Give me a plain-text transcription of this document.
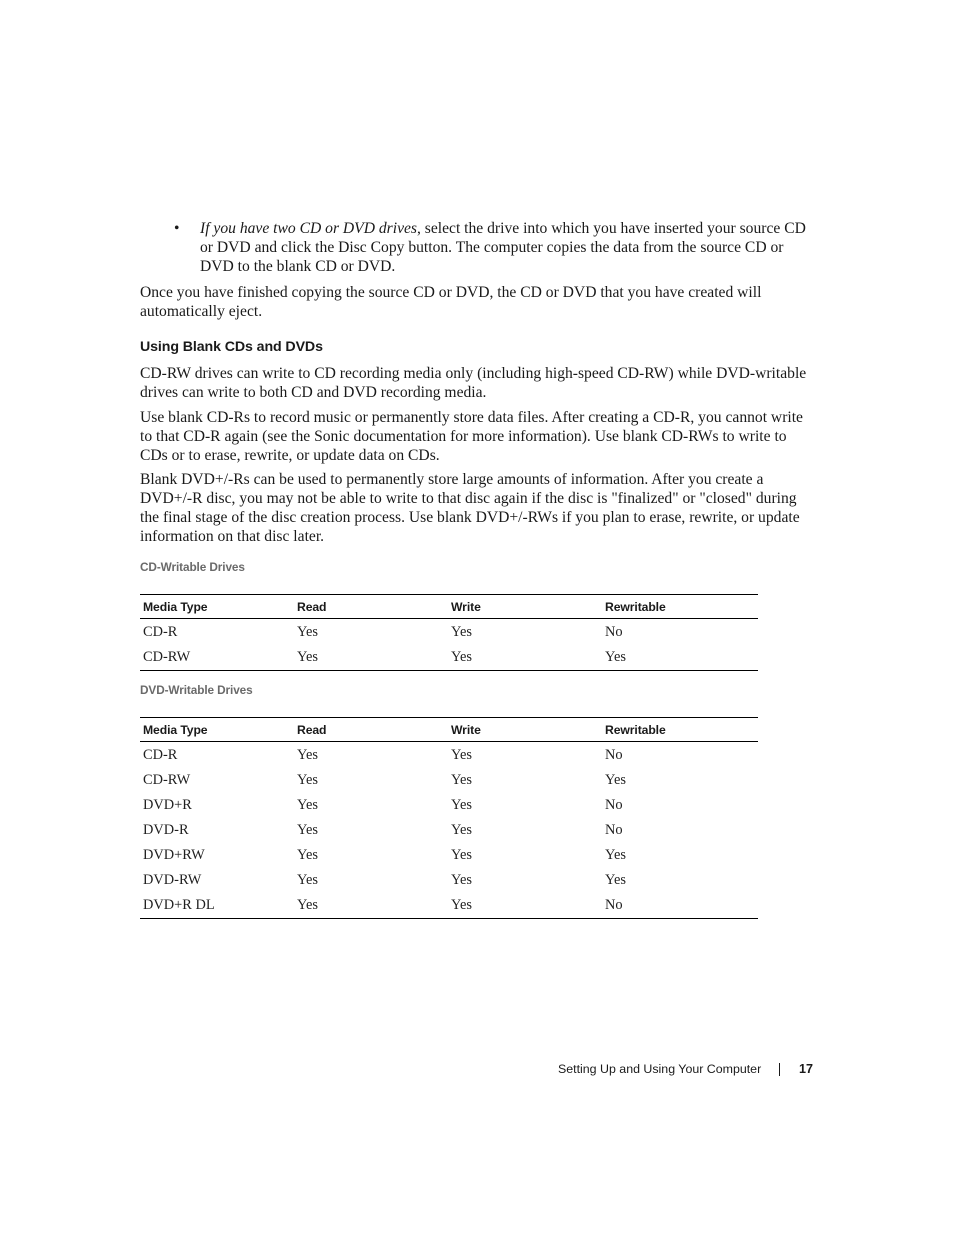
• If you have two CD or DVD drives, select the drive into which you have inserted your source CD or DVD and click the Disc Copy button. The computer copies the data from the source CD or DVD to the blank CD or DVD.

Once you have finished copying the source CD or DVD, the CD or DVD that you have created will automatically eject.

Using Blank CDs and DVDs

CD-RW drives can write to CD recording media only (including high-speed CD-RW) while DVD-writable drives can write to both CD and DVD recording media.

Use blank CD-Rs to record music or permanently store data files. After creating a CD-R, you cannot write to that CD-R again (see the Sonic documentation for more information). Use blank CD-RWs to write to CDs or to erase, rewrite, or update data on CDs.

Blank DVD+/-Rs can be used to permanently store large amounts of information. After you create a DVD+/-R disc, you may not be able to write to that disc again if the disc is "finalized" or "closed" during the final stage of the disc creation process. Use blank DVD+/-RWs if you plan to erase, rewrite, or update information on that disc later.

CD-Writable Drives
Media Type	Read	Write	Rewritable
CD-R	Yes	Yes	No
CD-RW	Yes	Yes	Yes
DVD-Writable Drives
Media Type	Read	Write	Rewritable
CD-R	Yes	Yes	No
CD-RW	Yes	Yes	Yes
DVD+R	Yes	Yes	No
DVD-R	Yes	Yes	No
DVD+RW	Yes	Yes	Yes
DVD-RW	Yes	Yes	Yes
DVD+R DL	Yes	Yes	No
Setting Up and Using Your Computer	17
